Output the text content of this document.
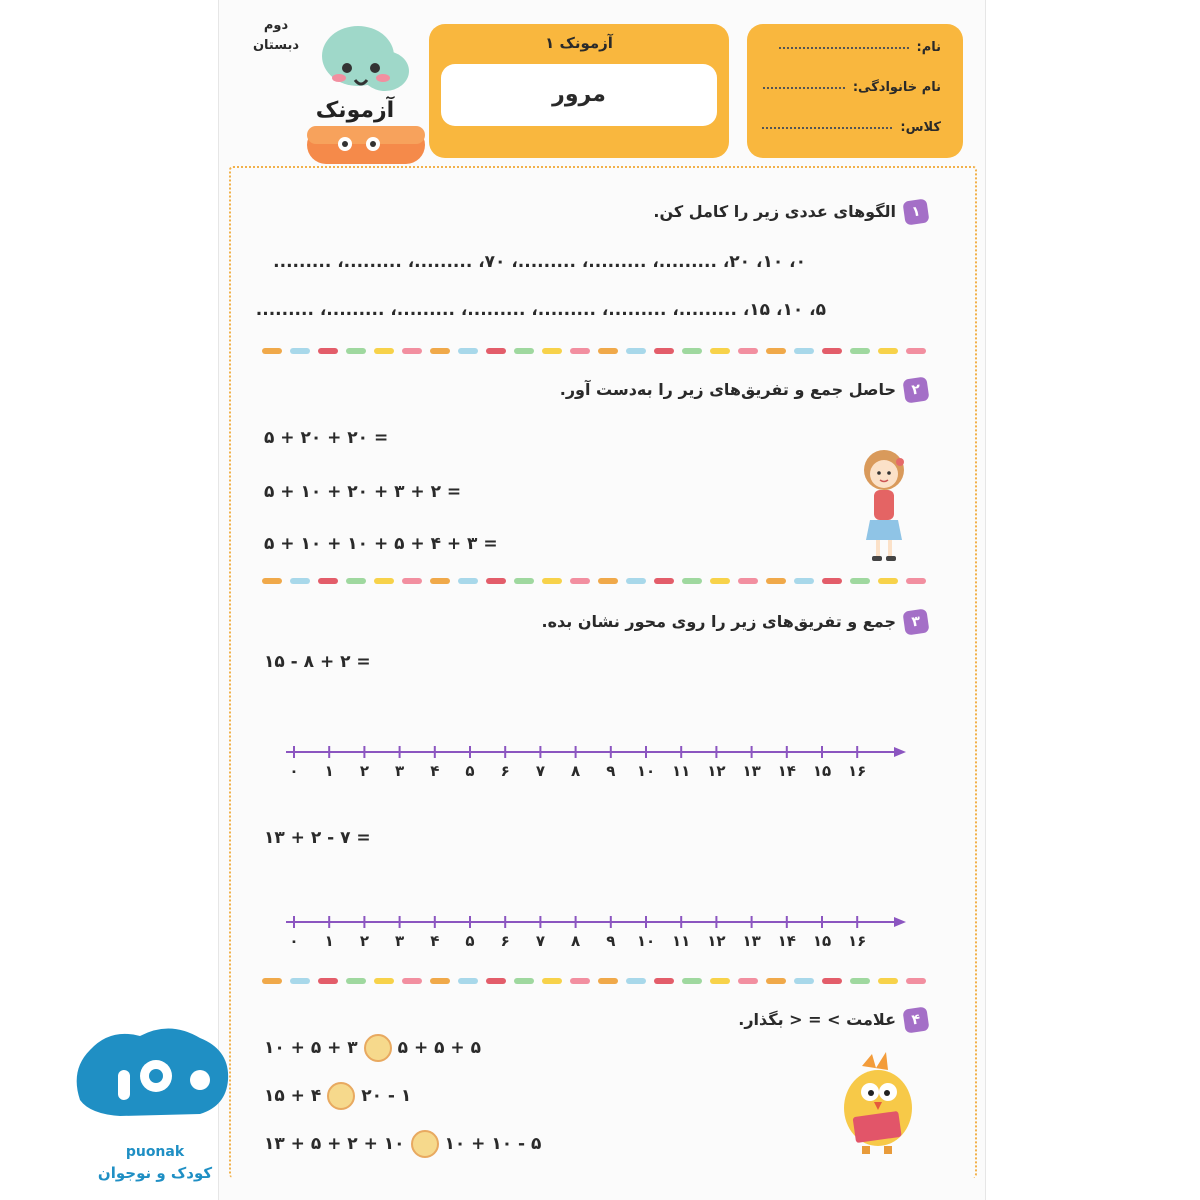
دوم
دبستان
آزمونک
آزمونک ۱
مرور
نام:
نام خانوادگی:
کلاس:
۱
الگوهای عددی زیر را کامل کن.
۰، ۱۰، ۲۰، .........، .........، .........، ۷۰، .........، .........، .........
۵، ۱۰، ۱۵، .........، .........، .........، .........، .........، .........، .........
۲
حاصل جمع و تفریق‌های زیر را به‌دست آور.
۵ + ۲۰ + ۲۰ =
۵ + ۱۰ + ۲۰ + ۳ + ۲ =
۵ + ۱۰ + ۱۰ + ۵ + ۴ + ۳ =
۳
جمع و تفریق‌های زیر را روی محور نشان بده.
۱۵ - ۸ + ۲ =
۰	۱	۲	۳	۴	۵	۶	۷	۸	۹	۱۰ ۱۱ ۱۲ ۱۳ ۱۴ ۱۵ ۱۶
۱۳ + ۲ - ۷ =
۰	۱	۲	۳	۴	۵	۶	۷	۸	۹	۱۰ ۱۱ ۱۲ ۱۳ ۱۴ ۱۵ ۱۶
۴
علامت > = < بگذار.
۱۰ + ۵ + ۳ ۵ + ۵ + ۵
۱۵ + ۴ ۲۰ - ۱
۱۳ + ۵ + ۲ + ۱۰ ۱۰ + ۱۰ - ۵
puonak
کودک و نوجوان
